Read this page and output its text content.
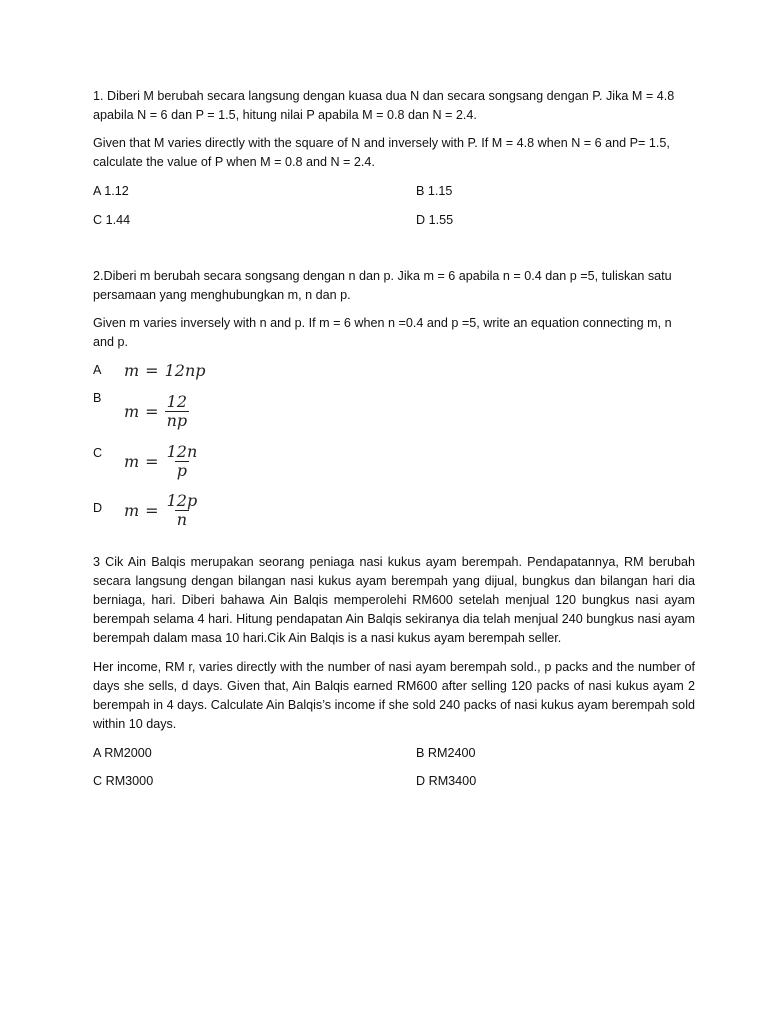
1. Diberi M berubah secara langsung dengan kuasa dua N dan secara songsang dengan P. Jika M = 4.8 apabila N = 6 dan P = 1.5, hitung nilai P apabila M = 0.8 dan N = 2.4.

Given that M varies directly with the square of N and inversely with P. If M = 4.8 when N = 6 and P= 1.5, calculate the value of P when M = 0.8 and N = 2.4.

A 1.12	B 1.15

C 1.44	D 1.55

2.Diberi m berubah secara songsang dengan n dan p. Jika m = 6 apabila n = 0.4 dan p =5, tuliskan satu persamaan yang menghubungkan m, n dan p.

Given m varies inversely with n and p. If m = 6 when n =0.4 and p =5, write an equation connecting m, n and p.

A m = 12np

B

$m = \frac{12}{np}$

C $m = \frac{12n}{p}$

D $m = \frac{12p}{n}$

3 Cik Ain Balqis merupakan seorang peniaga nasi kukus ayam berempah. Pendapatannya, RM berubah secara langsung dengan bilangan nasi kukus ayam berempah yang dijual, bungkus dan bilangan hari dia berniaga, hari. Diberi bahawa Ain Balqis memperolehi RM600 setelah menjual 120 bungkus nasi ayam berempah selama 4 hari. Hitung pendapatan Ain Balqis sekiranya dia telah menjual 240 bungkus nasi ayam berempah dalam masa 10 hari.Cik Ain Balqis is a nasi kukus ayam berempah seller.

Her income, RM r, varies directly with the number of nasi ayam berempah sold., p packs and the number of days she sells, d days. Given that, Ain Balqis earned RM600 after selling 120 packs of nasi kukus ayam 2 berempah in 4 days. Calculate Ain Balqis’s income if she sold 240 packs of nasi kukus ayam berempah sold within 10 days.

A RM2000	B RM2400

C RM3000	D RM3400
